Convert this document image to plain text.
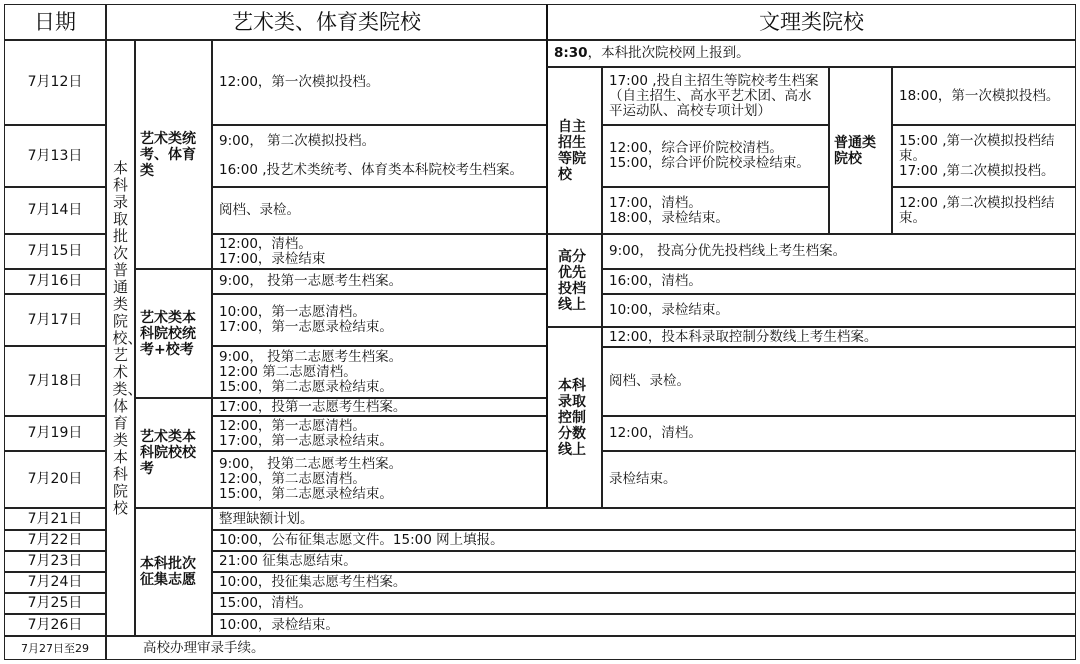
日期	艺术类、体育类院校	文理类院校
7月12日
7月13日
7月14日
7月15日
7月16日
7月17日
7月18日
7月19日
7月20日
7月21日
7月22日
7月23日
7月24日
7月25日
7月26日
7月27日至29
本科录取批次普通类院校、艺术类、体育类本科院校
艺术类统考、体育类
艺术类本科院校统考+校考
艺术类本科院校校考
本科批次征集志愿
12:00，第一次模拟投档。
9:00， 第二次模拟投档。
16:00 ,投艺术类统考、体育类本科院校考生档案。
阅档、录检。
12:00，清档。
17:00，录检结束
9:00， 投第一志愿考生档案。
10:00，第一志愿清档。
17:00，第一志愿录检结束。
9:00， 投第二志愿考生档案。
12:00 第二志愿清档。
15:00，第二志愿录检结束。
17:00，投第一志愿考生档案。
12:00，第一志愿清档。
17:00，第一志愿录检结束。
9:00， 投第二志愿考生档案。
12:00，第二志愿清档。
15:00，第二志愿录检结束。
整理缺额计划。
10:00，公布征集志愿文件。15:00 网上填报。
21:00 征集志愿结束。
10:00，投征集志愿考生档案。
15:00，清档。
10:00，录检结束。
高校办理审录手续。
8:30，本科批次院校网上报到。
自主招生等院校
普通类院校
高分优先投档线上
本科录取控制分数线上
17:00 ,投自主招生等院校考生档案（自主招生、高水平艺术团、高水平运动队、高校专项计划）
12:00，综合评价院校清档。
15:00，综合评价院校录检结束。
17:00，清档。
18:00，录检结束。
18:00，第一次模拟投档。
15:00 ,第一次模拟投档结束。
17:00 ,第二次模拟投档。
12:00 ,第二次模拟投档结束。
9:00， 投高分优先投档线上考生档案。
16:00，清档。
10:00，录检结束。
12:00，投本科录取控制分数线上考生档案。
阅档、录检。
12:00，清档。
录检结束。
